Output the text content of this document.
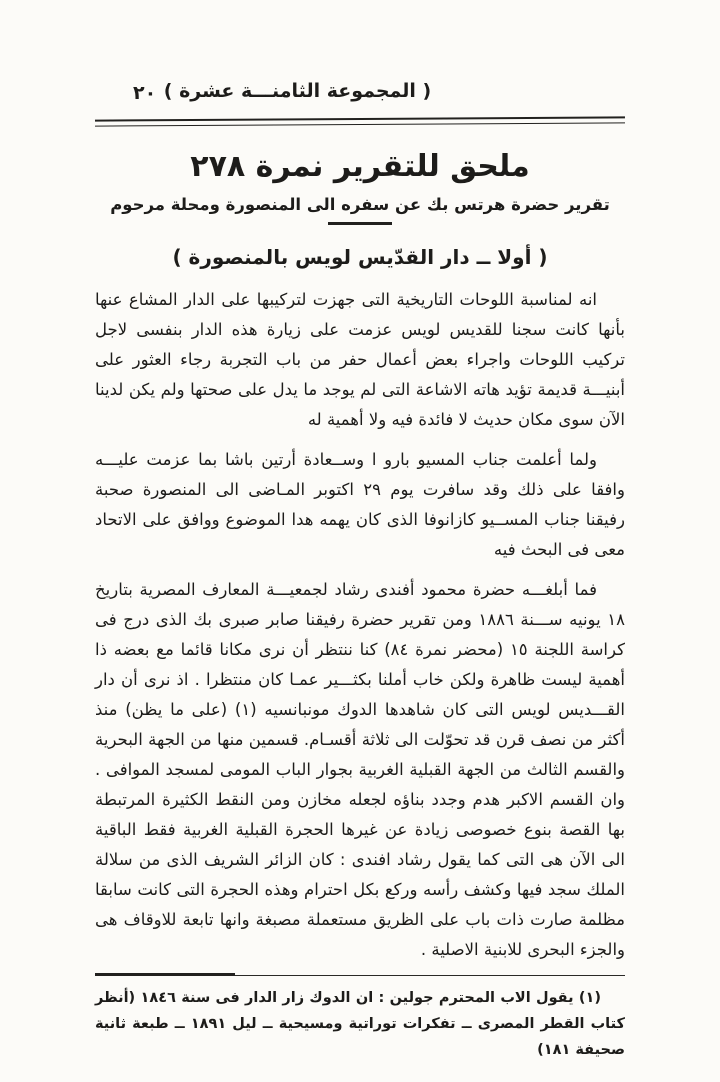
( المجموعة الثامنـــة عشرة )
٢٠
ملحق للتقرير نمرة ٢٧٨
تقرير حضرة هرتس بك عن سفره الى المنصورة ومحلة مرحوم
( أولا ــ دار القدّيس لويس بالمنصورة )

انه لمناسبة اللوحات التاريخية التى جهزت لتركيبها على الدار المشاع عنها بأنها كانت سجنا للقديس لويس عزمت على زيارة هذه الدار بنفسى لاجل تركيب اللوحات واجراء بعض أعمال حفر من باب التجربة رجاء العثور على أبنيـــة قديمة تؤيد هاته الاشاعة التى لم يوجد ما يدل على صحتها ولم يكن لدينا الآن سوى مكان حديث لا فائدة فيه ولا أهمية له

ولما أعلمت جناب المسيو بارو ا وســعادة أرتين باشا بما عزمت عليـــه وافقا على ذلك وقد سافرت يوم ٢٩ اكتوبر المـاضى الى المنصورة صحبة رفيقنا جناب المســيو كازانوفا الذى كان يهمه هدا الموضوع ووافق على الاتحاد معى فى البحث فيه

فما أبلغـــه حضرة محمود أفندى رشاد لجمعيـــة المعارف المصرية بتاريخ ١٨ يونيه ســـنة ١٨٨٦ ومن تقرير حضرة رفيقنا صابر صبرى بك الذى درج فى كراسة اللجنة ١٥ (محضر نمرة ٨٤) كنا ننتظر أن نرى مكانا قائما مع بعضه ذا أهمية ليست ظاهرة ولكن خاب أملنا بكثـــير عمـا كان منتظرا . اذ نرى أن دار القـــديس لويس التى كان شاهدها الدوك مونبانسيه (١) (على ما يظن) منذ أكثر من نصف قرن قد تحوّلت الى ثلاثة أقسـام. قسمين منها من الجهة البحرية والقسم الثالث من الجهة القبلية الغربية بجوار الباب المومى لمسجد الموافى . وان القسم الاكبر هدم وجدد بناؤه لجعله مخازن ومن النقط الكثيرة المرتبطة بها القصة بنوع خصوصى زيادة عن غيرها الحجرة القبلية الغربية فقط الباقية الى الآن هى التى كما يقول رشاد افندى : كان الزائر الشريف الذى من سلالة الملك سجد فيها وكشف رأسه وركع بكل احترام وهذه الحجرة التى كانت سابقا مظلمة صارت ذات باب على الظريق مستعملة مصبغة وانها تابعة للاوقاف هى والجزء البحرى للابنية الاصلية .

(١) يقول الاب المحترم جولين : ان الدوك زار الدار فى سنة ١٨٤٦ (أنظر كتاب القطر المصرى ــ تفكرات توراتية ومسيحية ــ ليل ١٨٩١ ــ طبعة ثانية صحيفة ١٨١)
